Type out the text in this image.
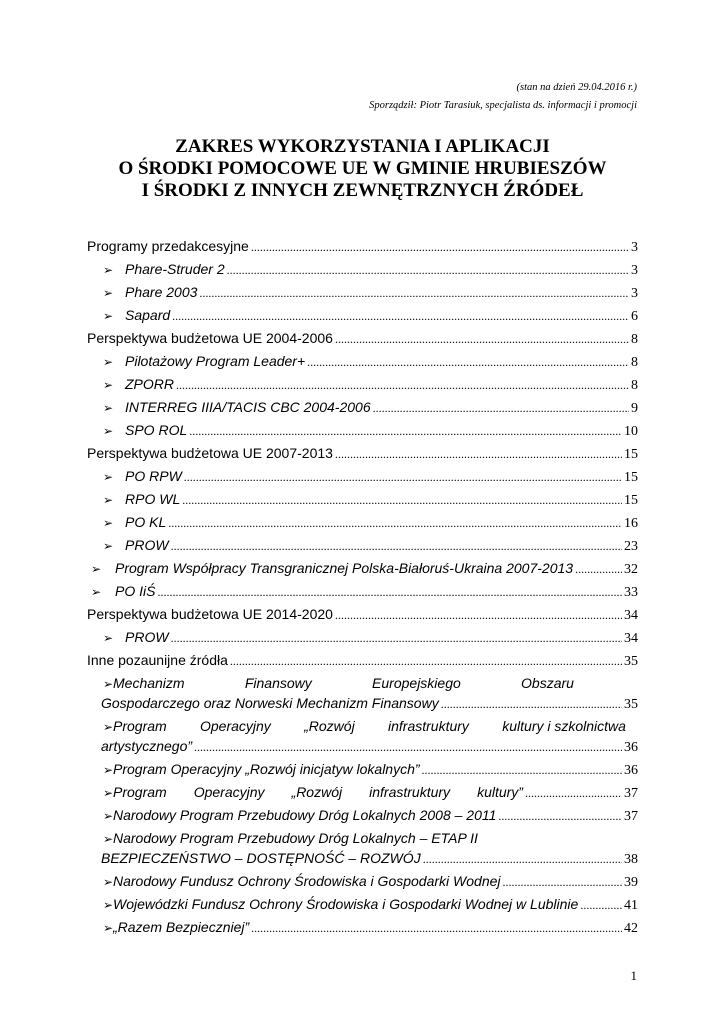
(stan na dzień 29.04.2016 r.)
Sporządził: Piotr Tarasiuk, specjalista ds. informacji i promocji
ZAKRES WYKORZYSTANIA I APLIKACJI
O ŚRODKI POMOCOWE UE W GMINIE HRUBIESZÓW
I ŚRODKI Z INNYCH ZEWNĘTRZNYCH ŹRÓDEŁ
Programy przedakcesyjne .....	3
➢ Phare-Struder 2 .....	3
➢ Phare 2003 .....	3
➢ Sapard .....	6
Perspektywa budżetowa UE 2004-2006 .....	8
➢ Pilotażowy Program Leader+ .....	8
➢ ZPORR .....	8
➢ INTERREG IIIA/TACIS CBC 2004-2006 .....	9
➢ SPO ROL .....	10
Perspektywa budżetowa UE 2007-2013 .....	15
➢ PO RPW .....	15
➢ RPO WL .....	15
➢ PO KL .....	16
➢ PROW .....	23
➢ Program Współpracy Transgranicznej Polska-Białoruś-Ukraina 2007-2013 .....	32
➢ PO IiŚ .....	33
Perspektywa budżetowa UE 2014-2020 .....	34
➢ PROW .....	34
Inne pozaunijne źródła .....	35
➢ Mechanizm	Finansowy	Europejskiego	Obszaru
Gospodarczego oraz Norweski Mechanizm Finansowy .....	35
➢ Program Operacyjny „Rozwój infrastruktury kultury i szkolnictwa
artystycznego” .....	36
➢ Program Operacyjny „Rozwój inicjatyw lokalnych” .....	36
➢ Program Operacyjny „Rozwój infrastruktury kultury” .....	37
➢ Narodowy Program Przebudowy Dróg Lokalnych 2008 – 2011 .....	37
➢ Narodowy Program Przebudowy Dróg Lokalnych – ETAP II
BEZPIECZEŃSTWO – DOSTĘPNOŚĆ – ROZWÓJ .....	38
➢ Narodowy Fundusz Ochrony Środowiska i Gospodarki Wodnej .....	39
➢ Wojewódzki Fundusz Ochrony Środowiska i Gospodarki Wodnej w Lublinie .....	41
➢ „Razem Bezpieczniej” .....	42
1
